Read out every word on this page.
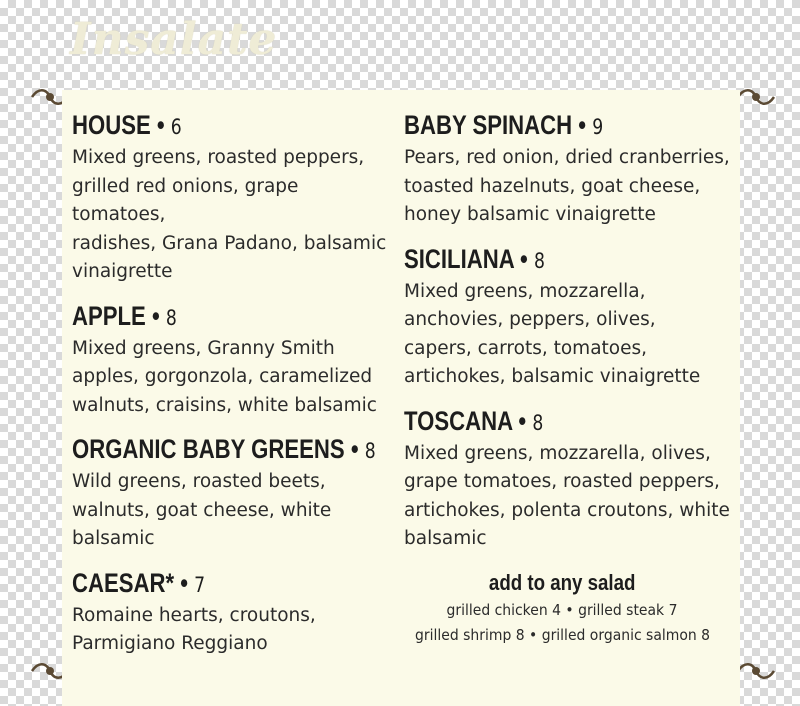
Insalate
HOUSE • 6
Mixed greens, roasted peppers,
grilled red onions, grape tomatoes,
radishes, Grana Padano, balsamic
vinaigrette
APPLE • 8
Mixed greens, Granny Smith
apples, gorgonzola, caramelized
walnuts, craisins, white balsamic
ORGANIC BABY GREENS • 8
Wild greens, roasted beets,
walnuts, goat cheese, white
balsamic
CAESAR* • 7
Romaine hearts, croutons,
Parmigiano Reggiano
BABY SPINACH • 9
Pears, red onion, dried cranberries,
toasted hazelnuts, goat cheese,
honey balsamic vinaigrette
SICILIANA • 8
Mixed greens, mozzarella,
anchovies, peppers, olives,
capers, carrots, tomatoes,
artichokes, balsamic vinaigrette
TOSCANA • 8
Mixed greens, mozzarella, olives,
grape tomatoes, roasted peppers,
artichokes, polenta croutons, white
balsamic
add to any salad
grilled chicken 4 • grilled steak 7
grilled shrimp 8 • grilled organic salmon 8
